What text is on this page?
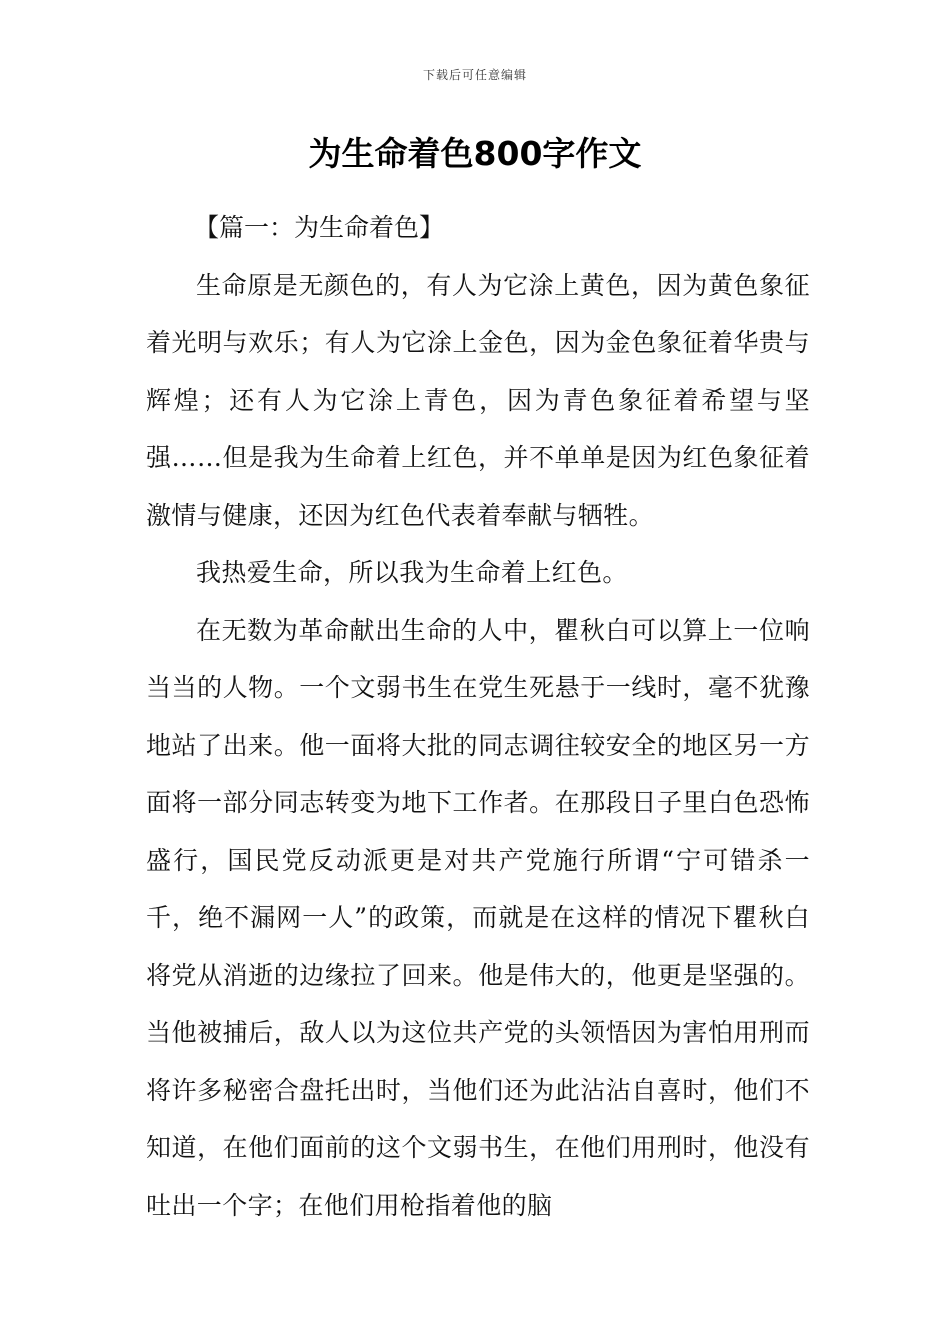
下载后可任意编辑
为生命着色800字作文

【篇一：为生命着色】

生命原是无颜色的，有人为它涂上黄色，因为黄色象征着光明与欢乐；有人为它涂上金色，因为金色象征着华贵与辉煌；还有人为它涂上青色，因为青色象征着希望与坚强……但是我为生命着上红色，并不单单是因为红色象征着激情与健康，还因为红色代表着奉献与牺牲。

我热爱生命，所以我为生命着上红色。

在无数为革命献出生命的人中，瞿秋白可以算上一位响当当的人物。一个文弱书生在党生死悬于一线时，毫不犹豫地站了出来。他一面将大批的同志调往较安全的地区另一方面将一部分同志转变为地下工作者。在那段日子里白色恐怖盛行，国民党反动派更是对共产党施行所谓“宁可错杀一千，绝不漏网一人”的政策，而就是在这样的情况下瞿秋白将党从消逝的边缘拉了回来。他是伟大的，他更是坚强的。当他被捕后，敌人以为这位共产党的头领悟因为害怕用刑而将许多秘密合盘托出时，当他们还为此沾沾自喜时，他们不知道，在他们面前的这个文弱书生，在他们用刑时，他没有吐出一个字；在他们用枪指着他的脑
